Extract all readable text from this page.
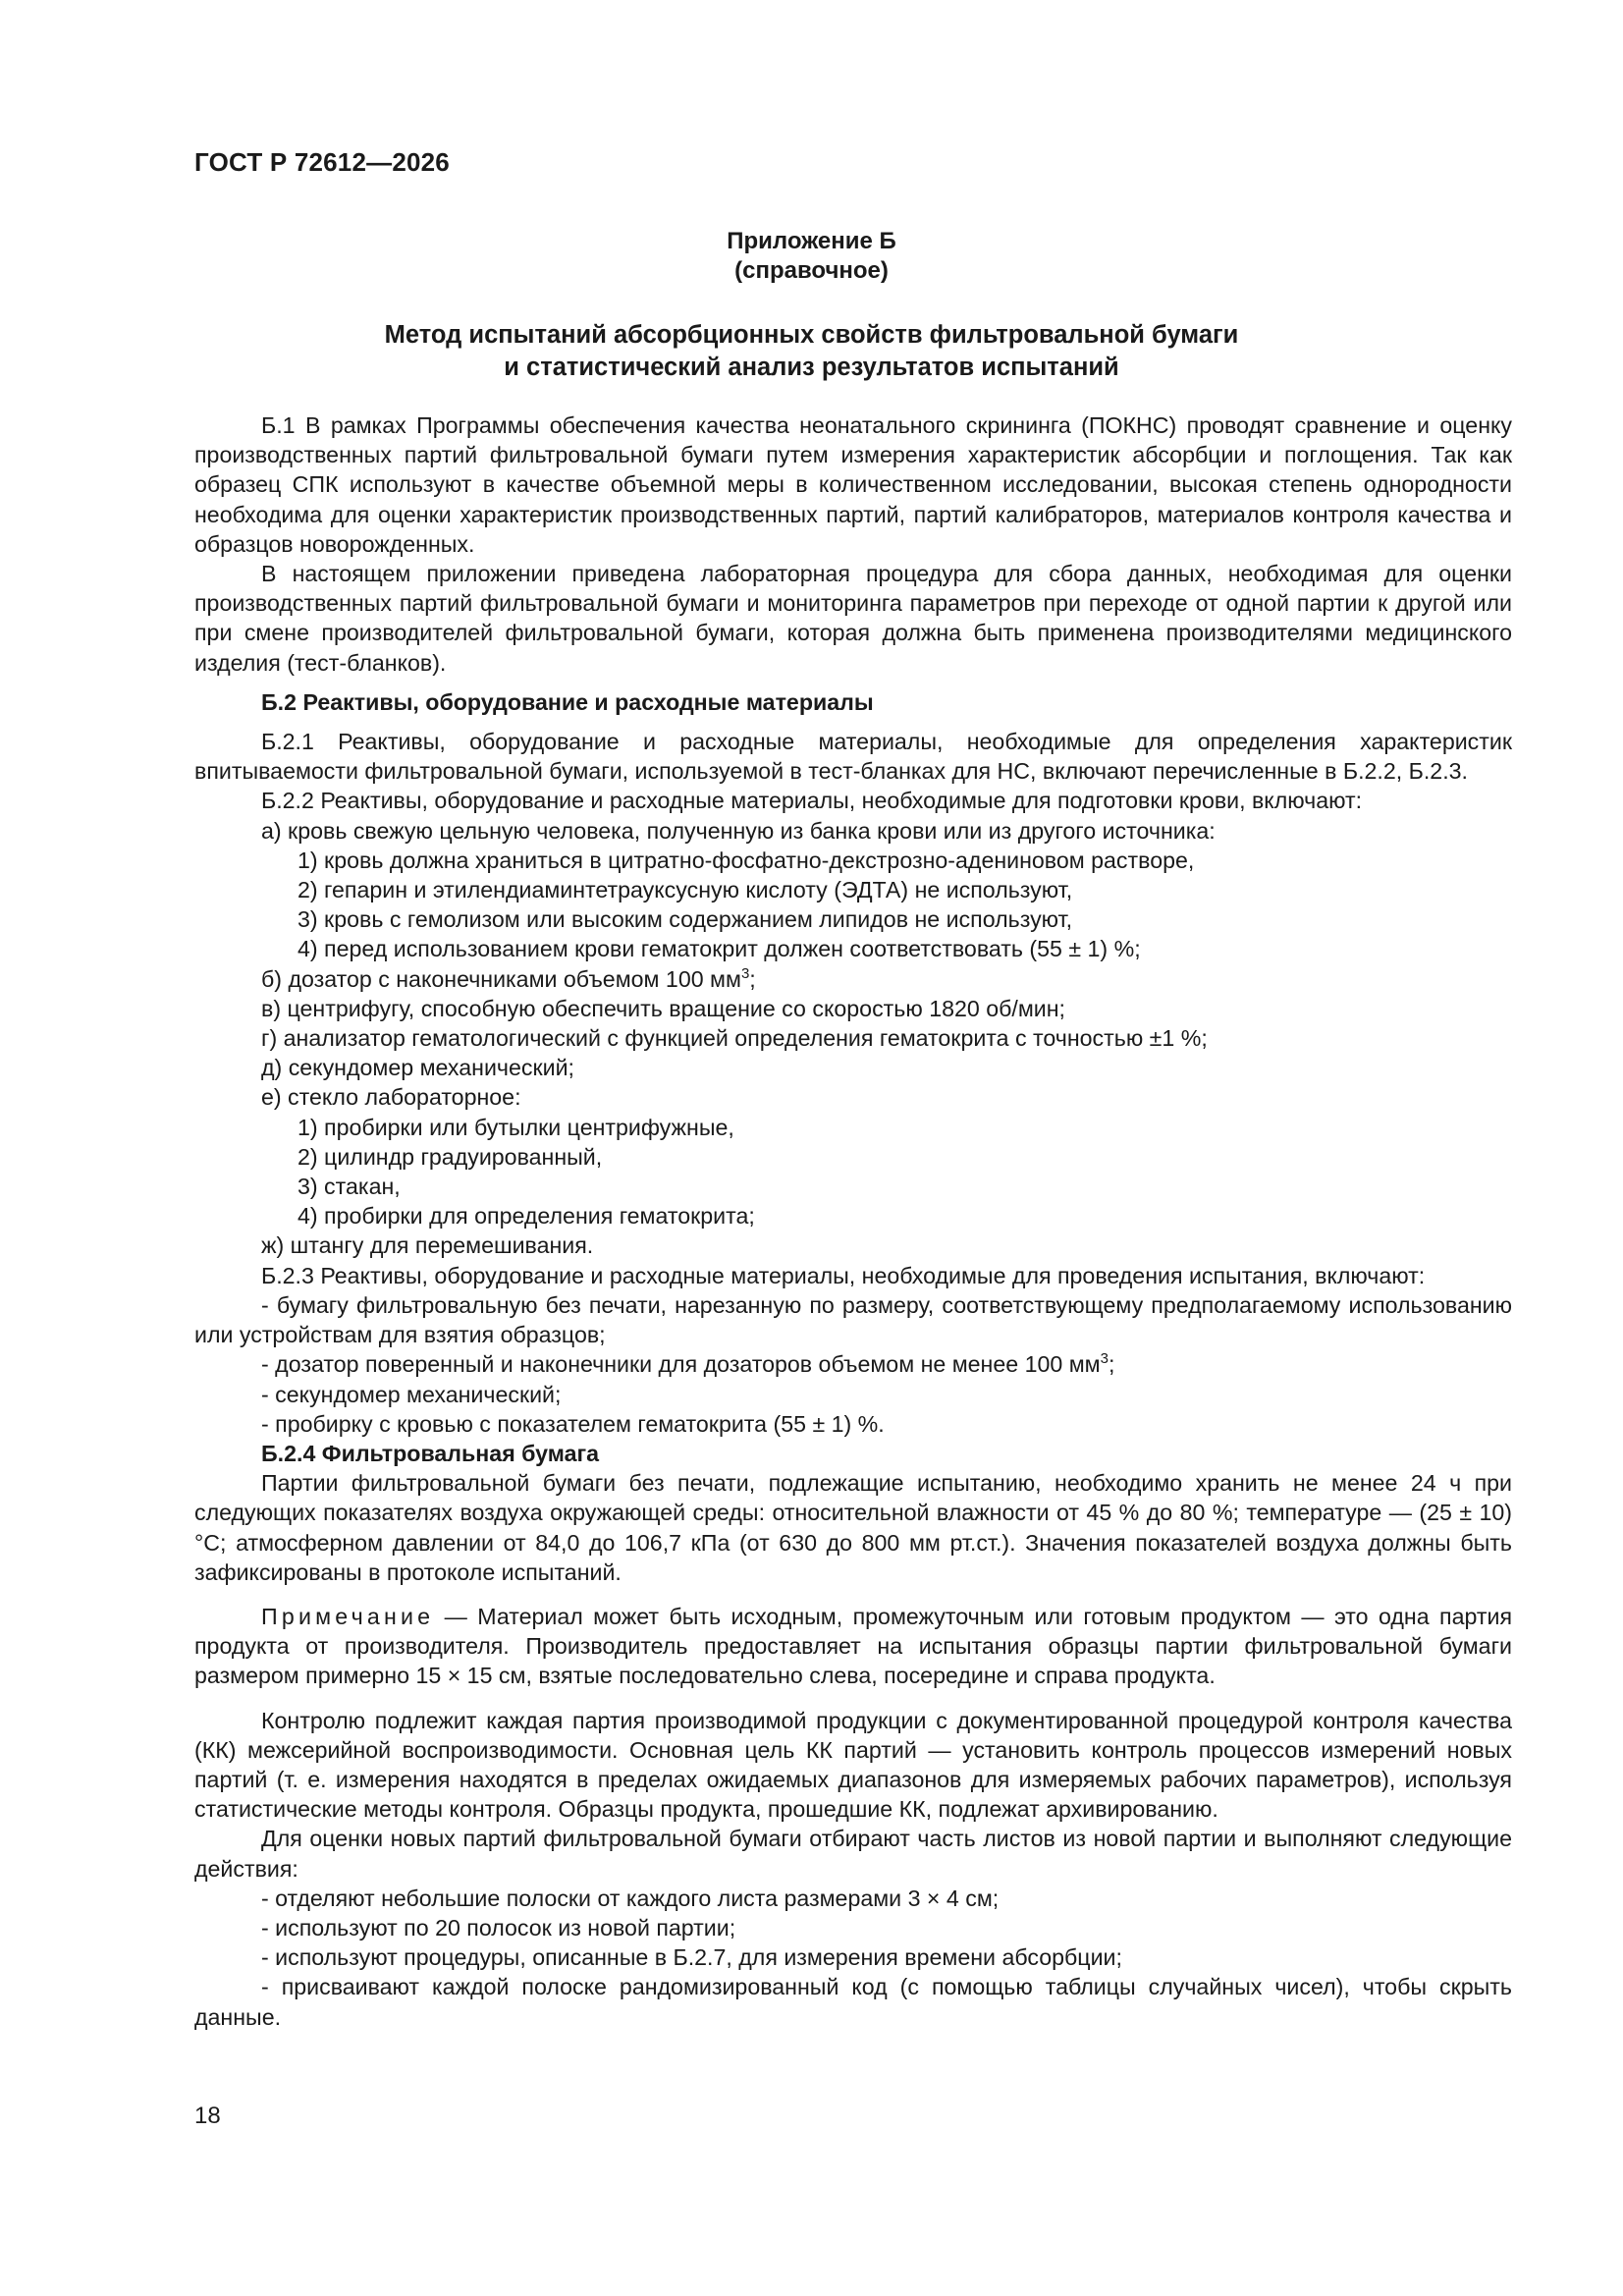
ГОСТ Р 72612—2026
Приложение Б
(справочное)
Метод испытаний абсорбционных свойств фильтровальной бумаги
и статистический анализ результатов испытаний

Б.1 В рамках Программы обеспечения качества неонатального скрининга (ПОКНС) проводят сравнение и оценку производственных партий фильтровальной бумаги путем измерения характеристик абсорбции и поглощения. Так как образец СПК используют в качестве объемной меры в количественном исследовании, высокая степень однородности необходима для оценки характеристик производственных партий, партий калибраторов, материалов контроля качества и образцов новорожденных.

В настоящем приложении приведена лабораторная процедура для сбора данных, необходимая для оценки производственных партий фильтровальной бумаги и мониторинга параметров при переходе от одной партии к другой или при смене производителей фильтровальной бумаги, которая должна быть применена производителями медицинского изделия (тест-бланков).

Б.2 Реактивы, оборудование и расходные материалы

Б.2.1 Реактивы, оборудование и расходные материалы, необходимые для определения характеристик впитываемости фильтровальной бумаги, используемой в тест-бланках для НС, включают перечисленные в Б.2.2, Б.2.3.

Б.2.2 Реактивы, оборудование и расходные материалы, необходимые для подготовки крови, включают:

а) кровь свежую цельную человека, полученную из банка крови или из другого источника:

1) кровь должна храниться в цитратно-фосфатно-декстрозно-адениновом растворе,

2) гепарин и этилендиаминтетрауксусную кислоту (ЭДТА) не используют,

3) кровь с гемолизом или высоким содержанием липидов не используют,

4) перед использованием крови гематокрит должен соответствовать (55 ± 1) %;

б) дозатор с наконечниками объемом 100 $мм^3$;

в) центрифугу, способную обеспечить вращение со скоростью 1820 об/мин;

г) анализатор гематологический с функцией определения гематокрита с точностью ±1 %;

д) секундомер механический;

е) стекло лабораторное:

1) пробирки или бутылки центрифужные,

2) цилиндр градуированный,

3) стакан,

4) пробирки для определения гематокрита;

ж) штангу для перемешивания.

Б.2.3 Реактивы, оборудование и расходные материалы, необходимые для проведения испытания, включают:

- бумагу фильтровальную без печати, нарезанную по размеру, соответствующему предполагаемому использованию или устройствам для взятия образцов;

- дозатор поверенный и наконечники для дозаторов объемом не менее 100 $мм^3$;

- секундомер механический;

- пробирку с кровью с показателем гематокрита (55 ± 1) %.

Б.2.4 Фильтровальная бумага

Партии фильтровальной бумаги без печати, подлежащие испытанию, необходимо хранить не менее 24 ч при следующих показателях воздуха окружающей среды: относительной влажности от 45 % до 80 %; температуре — (25 ± 10) °С; атмосферном давлении от 84,0 до 106,7 кПа (от 630 до 800 мм рт.ст.). Значения показателей воздуха должны быть зафиксированы в протоколе испытаний.

Примечание — Материал может быть исходным, промежуточным или готовым продуктом — это одна партия продукта от производителя. Производитель предоставляет на испытания образцы партии фильтровальной бумаги размером примерно 15 × 15 см, взятые последовательно слева, посередине и справа продукта.

Контролю подлежит каждая партия производимой продукции с документированной процедурой контроля качества (КК) межсерийной воспроизводимости. Основная цель КК партий — установить контроль процессов измерений новых партий (т. е. измерения находятся в пределах ожидаемых диапазонов для измеряемых рабочих параметров), используя статистические методы контроля. Образцы продукта, прошедшие КК, подлежат архивированию.

Для оценки новых партий фильтровальной бумаги отбирают часть листов из новой партии и выполняют следующие действия:

- отделяют небольшие полоски от каждого листа размерами 3 × 4 см;

- используют по 20 полосок из новой партии;

- используют процедуры, описанные в Б.2.7, для измерения времени абсорбции;

- присваивают каждой полоске рандомизированный код (с помощью таблицы случайных чисел), чтобы скрыть данные.

18
